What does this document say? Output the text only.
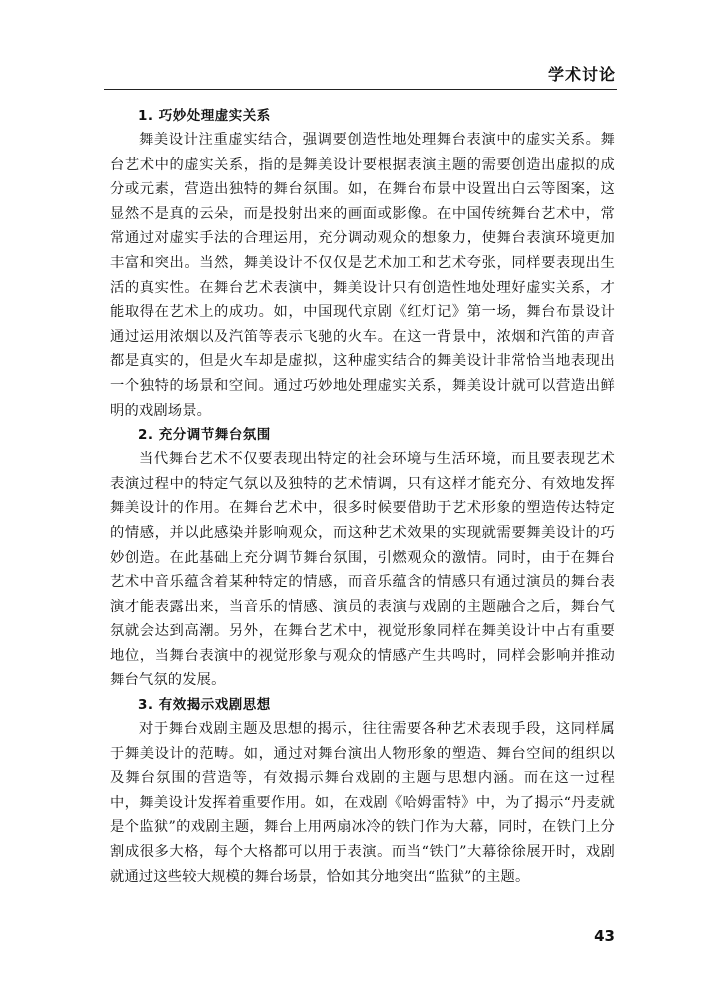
学术讨论

1. 巧妙处理虚实关系

舞美设计注重虚实结合，强调要创造性地处理舞台表演中的虚实关系。舞台艺术中的虚实关系，指的是舞美设计要根据表演主题的需要创造出虚拟的成分或元素，营造出独特的舞台氛围。如，在舞台布景中设置出白云等图案，这显然不是真的云朵，而是投射出来的画面或影像。在中国传统舞台艺术中，常常通过对虚实手法的合理运用，充分调动观众的想象力，使舞台表演环境更加丰富和突出。当然，舞美设计不仅仅是艺术加工和艺术夸张，同样要表现出生活的真实性。在舞台艺术表演中，舞美设计只有创造性地处理好虚实关系，才能取得在艺术上的成功。如，中国现代京剧《红灯记》第一场，舞台布景设计通过运用浓烟以及汽笛等表示飞驰的火车。在这一背景中，浓烟和汽笛的声音都是真实的，但是火车却是虚拟，这种虚实结合的舞美设计非常恰当地表现出一个独特的场景和空间。通过巧妙地处理虚实关系，舞美设计就可以营造出鲜明的戏剧场景。

2. 充分调节舞台氛围

当代舞台艺术不仅要表现出特定的社会环境与生活环境，而且要表现艺术表演过程中的特定气氛以及独特的艺术情调，只有这样才能充分、有效地发挥舞美设计的作用。在舞台艺术中，很多时候要借助于艺术形象的塑造传达特定的情感，并以此感染并影响观众，而这种艺术效果的实现就需要舞美设计的巧妙创造。在此基础上充分调节舞台氛围，引燃观众的激情。同时，由于在舞台艺术中音乐蕴含着某种特定的情感，而音乐蕴含的情感只有通过演员的舞台表演才能表露出来，当音乐的情感、演员的表演与戏剧的主题融合之后，舞台气氛就会达到高潮。另外，在舞台艺术中，视觉形象同样在舞美设计中占有重要地位，当舞台表演中的视觉形象与观众的情感产生共鸣时，同样会影响并推动舞台气氛的发展。

3. 有效揭示戏剧思想

对于舞台戏剧主题及思想的揭示，往往需要各种艺术表现手段，这同样属于舞美设计的范畴。如，通过对舞台演出人物形象的塑造、舞台空间的组织以及舞台氛围的营造等，有效揭示舞台戏剧的主题与思想内涵。而在这一过程中，舞美设计发挥着重要作用。如，在戏剧《哈姆雷特》中，为了揭示“丹麦就是个监狱”的戏剧主题，舞台上用两扇冰冷的铁门作为大幕，同时，在铁门上分割成很多大格，每个大格都可以用于表演。而当“铁门”大幕徐徐展开时，戏剧就通过这些较大规模的舞台场景，恰如其分地突出“监狱”的主题。

43
